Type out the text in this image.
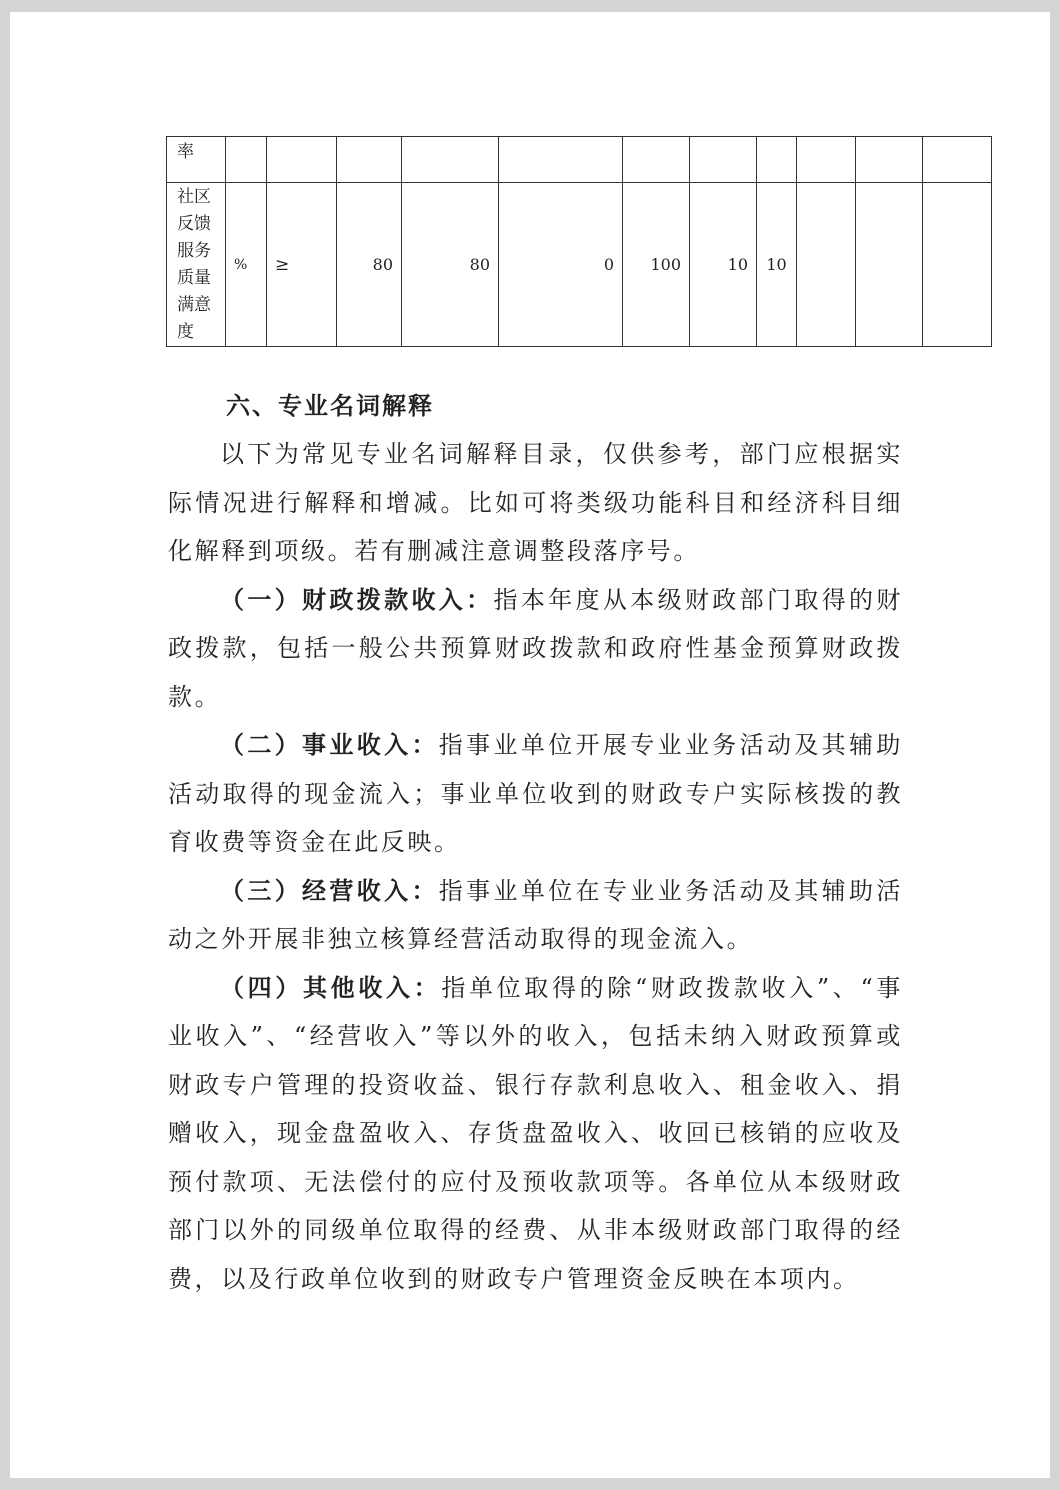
率											
社区反馈服务质量满意度	%	≥	80	80	0	100	10	10			
六、专业名词解释

以下为常见专业名词解释目录，仅供参考，部门应根据实际情况进行解释和增减。比如可将类级功能科目和经济科目细化解释到项级。若有删减注意调整段落序号。

（一）财政拨款收入：指本年度从本级财政部门取得的财政拨款，包括一般公共预算财政拨款和政府性基金预算财政拨款。

（二）事业收入：指事业单位开展专业业务活动及其辅助活动取得的现金流入；事业单位收到的财政专户实际核拨的教育收费等资金在此反映。

（三）经营收入：指事业单位在专业业务活动及其辅助活动之外开展非独立核算经营活动取得的现金流入。

（四）其他收入：指单位取得的除“财政拨款收入”、“事业收入”、“经营收入”等以外的收入，包括未纳入财政预算或财政专户管理的投资收益、银行存款利息收入、租金收入、捐赠收入，现金盘盈收入、存货盘盈收入、收回已核销的应收及预付款项、无法偿付的应付及预收款项等。各单位从本级财政部门以外的同级单位取得的经费、从非本级财政部门取得的经费，以及行政单位收到的财政专户管理资金反映在本项内。
